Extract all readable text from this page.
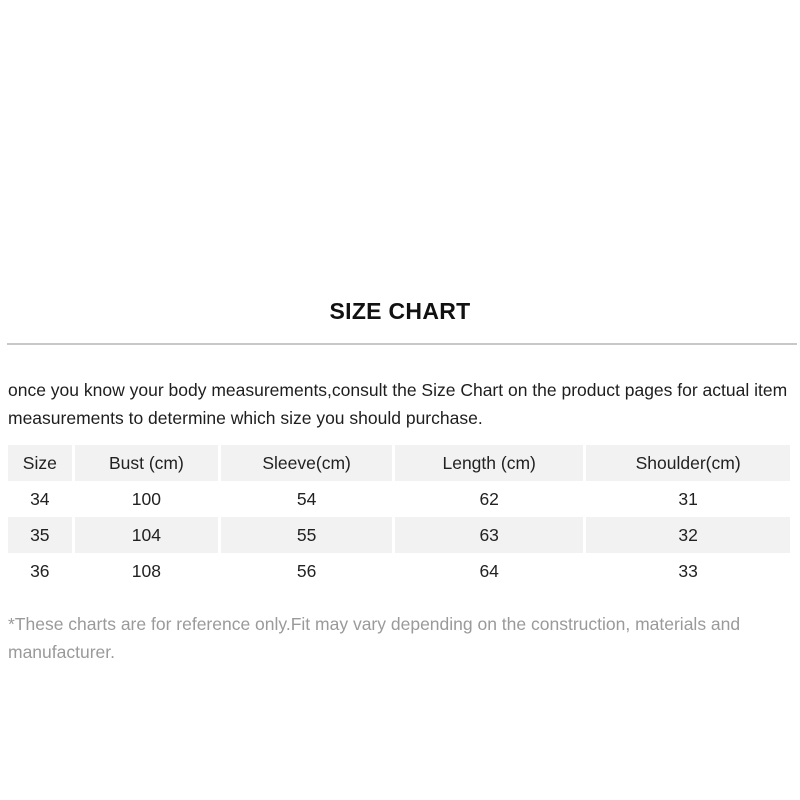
SIZE CHART
once you know your body measurements,consult the Size Chart on the product pages for actual item measurements to determine which size you should purchase.
Size	Bust (cm)	Sleeve(cm)	Length (cm)	Shoulder(cm)
34	100	54	62	31
35	104	55	63	32
36	108	56	64	33
*These charts are for reference only.Fit may vary depending on the construction, materials and manufacturer.
